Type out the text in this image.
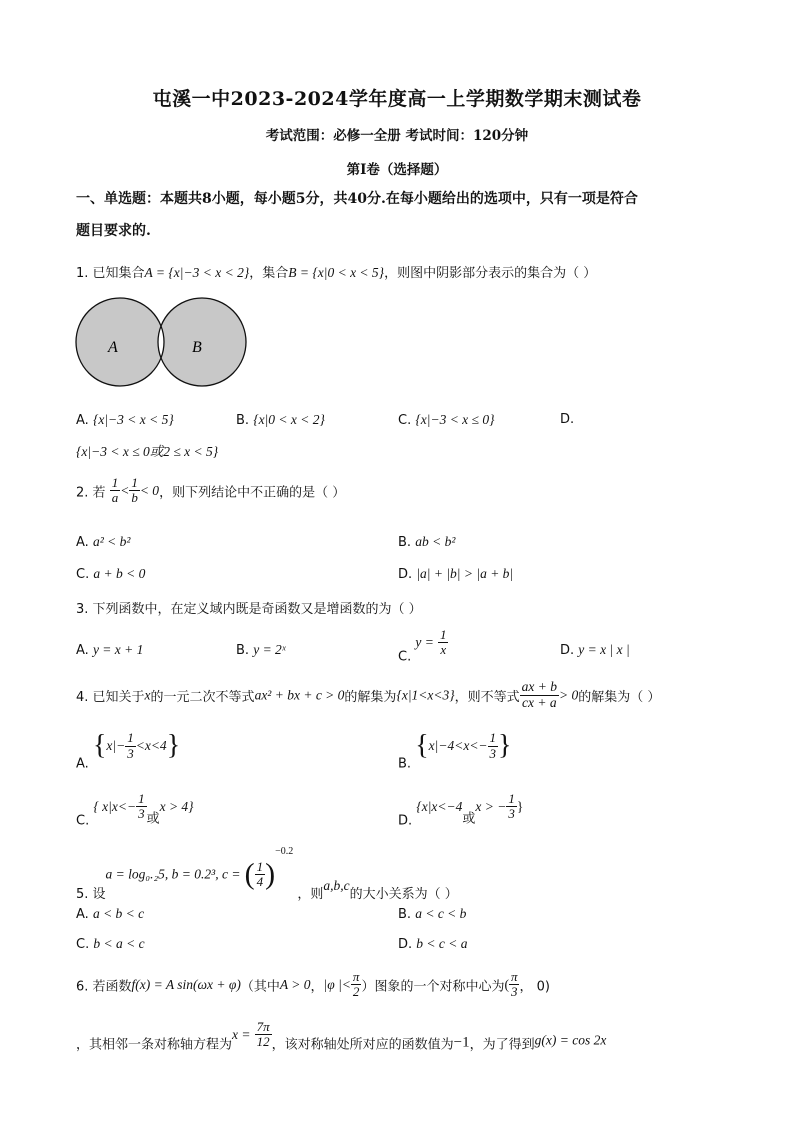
屯溪一中2023-2024学年度高一上学期数学期末测试卷
考试范围：必修一全册 考试时间：120分钟
第I卷（选择题）
一、单选题：本题共8小题，每小题5分，共40分.在每小题给出的选项中，只有一项是符合
题目要求的.
1. 已知集合A = {x|−3 < x < 2}，集合B = {x|0 < x < 5}，则图中阴影部分表示的集合为（ ）
A	B
A. {x|−3 < x < 5}	B. {x|0 < x < 2}	C. {x|−3 < x ≤ 0}	D.
{x|−3 < x ≤ 0或2 ≤ x < 5}
2. 若 $\frac{1}{a} < \frac{1}{b} < 0$，则下列结论中不正确的是（ ）
A. a² < b²	B. ab < b²
C. a + b < 0	D. |a| + |b| > |a + b|
3. 下列函数中，在定义域内既是奇函数又是增函数的为（ ）
A. y = x + 1	B. y = 2ˣ	C. $y = \frac{1}{x}$	D. y = x | x |
4. 已知关于x的一元二次不等式ax² + bx + c > 0的解集为{x|1<x<3}，则不等式 $\frac{ax + b}{cx + a} > 0$的解集为（ ）
A. $\{x|- \frac{1}{3} <x<4\}$
B. {$x|-4<x<- \frac{1}{3}$ }
C. { $x|x<- \frac{1}{3}$ 或x > 4}
D. {x|x<−4或x > − $\frac{1}{3}$ }
5. 设a = log₀.₂5, b = 0.2³, c = ( $\frac{1}{4} )^{-0.2}$ ，则a,b,c的大小关系为（ ）
A. a < b < c	B. a < c < b
C. b < a < c	D. b < c < a
6. 若函数f(x) = A sin(ωx + φ)（其中A > 0，|φ |< $\frac{\pi}{2}$ ）图象的一个对称中心为( $\frac{\pi}{3}$ ， 0)
，其相邻一条对称轴方程为$x = \frac{7\pi}{12}$ ，该对称轴处所对应的函数值为−1，为了得到g(x) = cos 2x
